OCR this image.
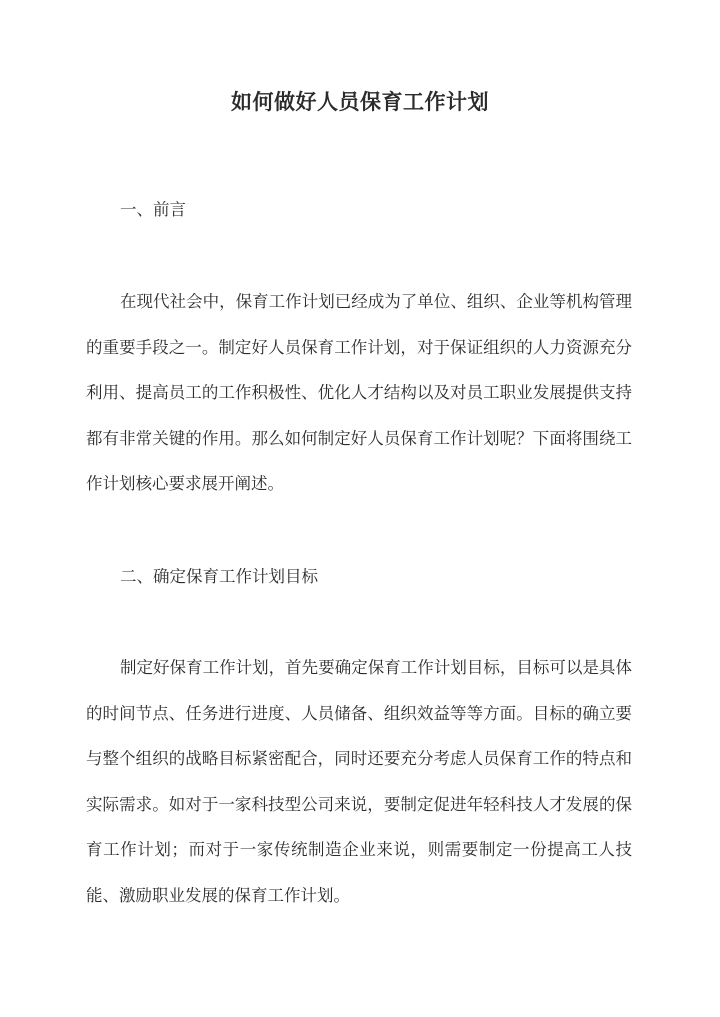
如何做好人员保育工作计划

一、前言

在现代社会中，保育工作计划已经成为了单位、组织、企业等机构管理的重要手段之一。制定好人员保育工作计划，对于保证组织的人力资源充分利用、提高员工的工作积极性、优化人才结构以及对员工职业发展提供支持都有非常关键的作用。那么如何制定好人员保育工作计划呢？下面将围绕工作计划核心要求展开阐述。

二、确定保育工作计划目标

制定好保育工作计划，首先要确定保育工作计划目标，目标可以是具体的时间节点、任务进行进度、人员储备、组织效益等等方面。目标的确立要与整个组织的战略目标紧密配合，同时还要充分考虑人员保育工作的特点和实际需求。如对于一家科技型公司来说，要制定促进年轻科技人才发展的保育工作计划；而对于一家传统制造企业来说，则需要制定一份提高工人技能、激励职业发展的保育工作计划。
